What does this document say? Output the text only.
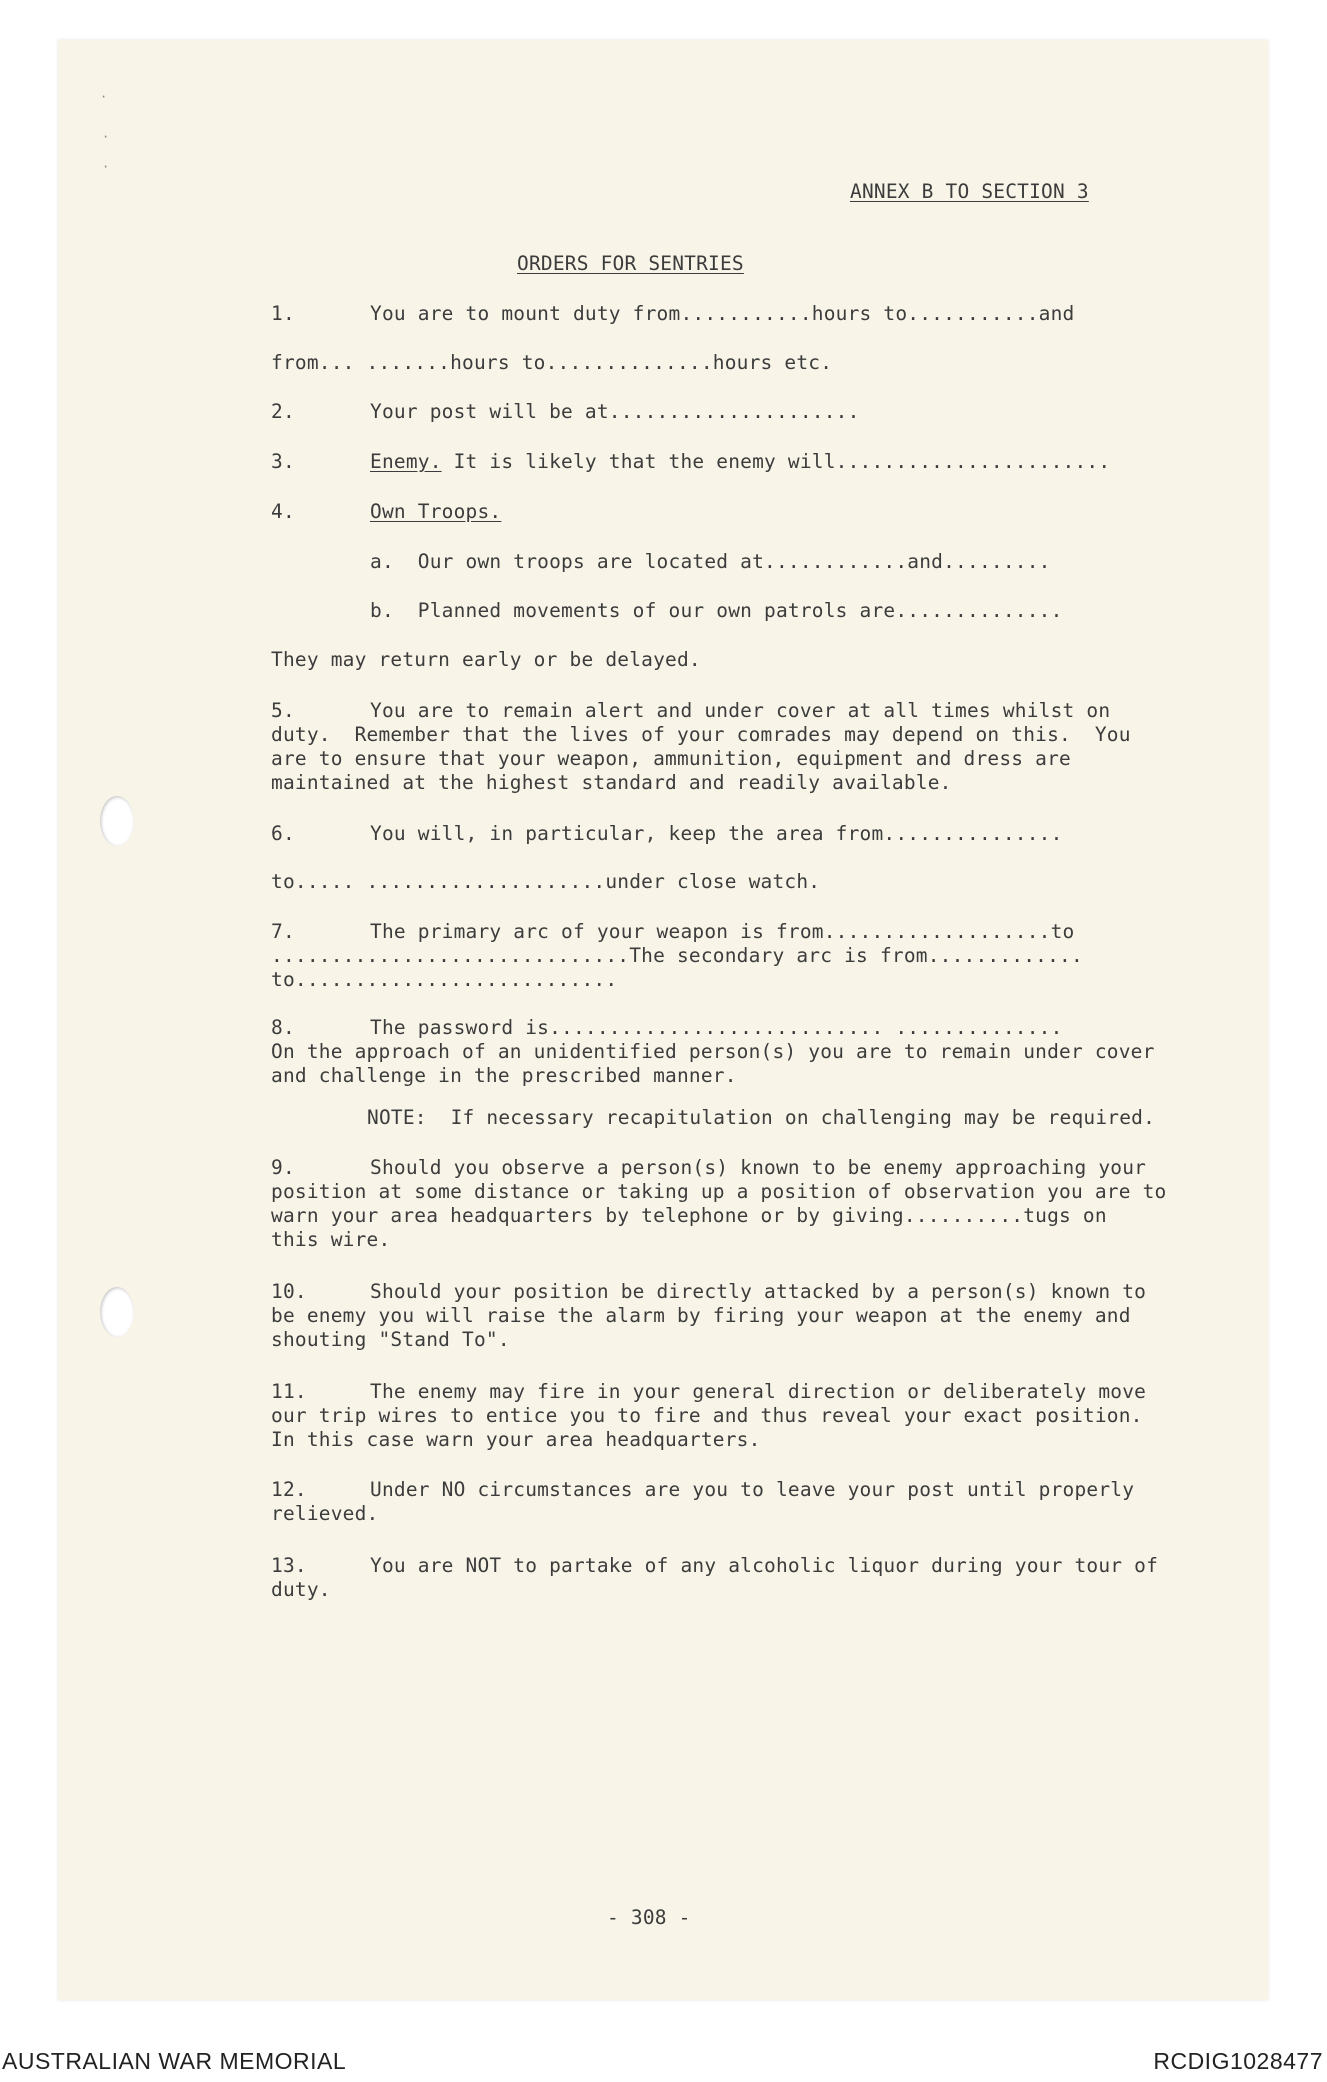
·
·
·
ANNEX B TO SECTION 3
ORDERS FOR SENTRIES
1.	You are to mount duty from...........hours to...........and
from... .......hours to..............hours etc.
2.	Your post will be at.....................
3.	Enemy. It is likely that the enemy will.......................
4.	Own Troops.
a.  Our own troops are located at............and.........
b.  Planned movements of our own patrols are..............
They may return early or be delayed.
5.	You are to remain alert and under cover at all times whilst on
duty.  Remember that the lives of your comrades may depend on this.  You
are to ensure that your weapon, ammunition, equipment and dress are
maintained at the highest standard and readily available.
6.	You will, in particular, keep the area from...............
to..... ....................under close watch.
7.	The primary arc of your weapon is from...................to
..............................The secondary arc is from.............
to...........................
8.	The password is............................ ..............
On the approach of an unidentified person(s) you are to remain under cover
and challenge in the prescribed manner.
NOTE:  If necessary recapitulation on challenging may be required.
9.	Should you observe a person(s) known to be enemy approaching your
position at some distance or taking up a position of observation you are to
warn your area headquarters by telephone or by giving..........tugs on
this wire.
10.	Should your position be directly attacked by a person(s) known to
be enemy you will raise the alarm by firing your weapon at the enemy and
shouting "Stand To".
11.	The enemy may fire in your general direction or deliberately move
our trip wires to entice you to fire and thus reveal your exact position.
In this case warn your area headquarters.
12.	Under NO circumstances are you to leave your post until properly
relieved.
13.	You are NOT to partake of any alcoholic liquor during your tour of
duty.
- 308 -
AUSTRALIAN WAR MEMORIAL	RCDIG1028477
